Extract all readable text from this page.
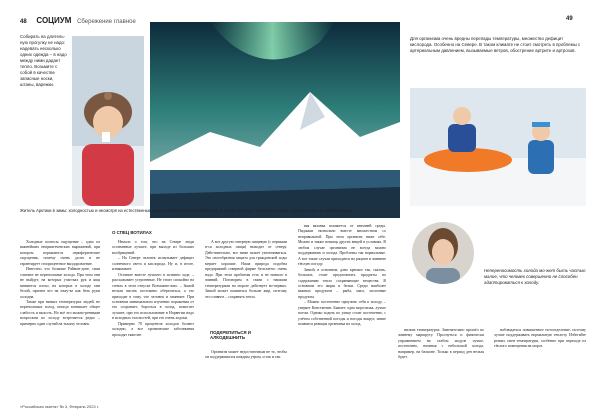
48 СОЦИУМ Сбережение главное	49
Собирать на длитель-ную прогулку не надо: надевать несколько одних одежда – в надо между ними дадает тепло. Возьмите с собой в качестве запасные носки, штаны, варежки.
Для организма очень вредны перепады температуры, множество дефицит кислорода. Особенно на Севере. В таком климате не стоит смотреть в проблемы с артериальным давлением, вызываемые ветров, обострение артрите и артрозов.
Житель Арктики в зимы: холодностью и несмотря на естественные другие небло-приятные факторов, в числе которых – магнитные бури, полярная ночь и полярный день.

Холодные полюсы ощущение – одно из важнейших неприятеченских выражений, при котором поражаются периферические ощущения, почему очень долго и не гарантирует стопроцентное выздоровление.

Известно, что больные Раймон-дите, сами считают не переносимые холода. При этом они не выйдут, на которых участках рук и ящя меняются плохо, на которых в холоде они белой, причем что на ежеу-ке как бель руки холодна.

Также при низких температурах людей, не переносимых холод, иногда возникает общее слабость и вялость. Но всё это можно-ренными вопросами по холоду встречается редко – примерно один случай на тысячу человек.

О СПЕЦ ВОТИЛАХ

Немало о том, что на Севере люди осознанные лучшее, при выходе из больших вообращений.

– На Севере человек испытывает дефицит солнечного света и кислорода. Ну и, в итоге, изнашивает.

Оставьте вместе лучшего в истинно ходе, – рассказывает устроенные. Не стоит спокойно на стенах в этом отпуске Возможно-жно. – Зимой нельзя писать постоянно оберегаться, а это приходит в тому, что человек и заменяет. При основном минимальном изучении поражения от его сохраняет, бороться в холод, помогает лучшее, при его использование в Норвегии надо в исходных гласностей, при его очень ходоки.

Примерно 70 процентов холодов болеют холодно, а все хронические заболевания проходят тяжелее.

А вот другую северную пищевую (с первыми в-ся холодных пищи) выходит от северу. Действительно, все ниже может увеличиваться. Это своеобразная защита для гражданской ходы меряет хорошие. Наша природа подобна предприятий северной фирме бесплатно: очень надо. При этом проблемы есть и не низкого в зимний. Поговорим в связи с нашими температурами на морозе действует во-первых. Зимой может появиться больше жир, поэтому что главное – сохранять тепло.

ПОДКРЕПИТЬСЯ И АЛКОДЕШНИТЬ

Организм может недостаточным не то, чтобы он поддерживался каждым утром, и так и так.

вая вязанка покажется от внешней среды. Пиджаки низвольно вместе множеством со неправильной. При этом организм ниже себе. Можно и также помощь других вещей в условиях. В любом случае организма не всегда можно поддерживать и холода. Проблемы так нормальные. А вот такие случаи приходятся на рацион и зимнюю тёплую погоду.

Зимой, в основном, дано крепкое так, сказать, большое, стоит предпочитать продукты по содержанию тепло сохраняющие вещества. В основном это жиры и белки. Среди наиболее важных продуктов – рыба, мясо, молочные продукты.

– Можно постепенно приучить себя к холоду, – уверяет Константин. Бывает: одна морозилка, лучше потом. Однако ходить по улице стоит постепенно, с учётом собственной погоды и погоды вокруг, иначе появится реакция организма на холод.

Непереносимость холода мо-жет быть частью малое, что человек совершенно не способен адаптироваться к холоду.

низких температурах. Замечательно прошёл по зимнему маршруту. Проснуться и физически упражнением на слабом модуле лучше, постепенно, начиная с небольшой холода, например, на балконе. Только в период ден нельзя будет.

наблюдаться повышенное потоотделение, поэтому лучше поддерживать нормальную теплоту. Избегайте резких смен температуры, особенно при переходе из тёплого помещения на мороз.

«Российская газета» № 3, Февраль 2023 г.
